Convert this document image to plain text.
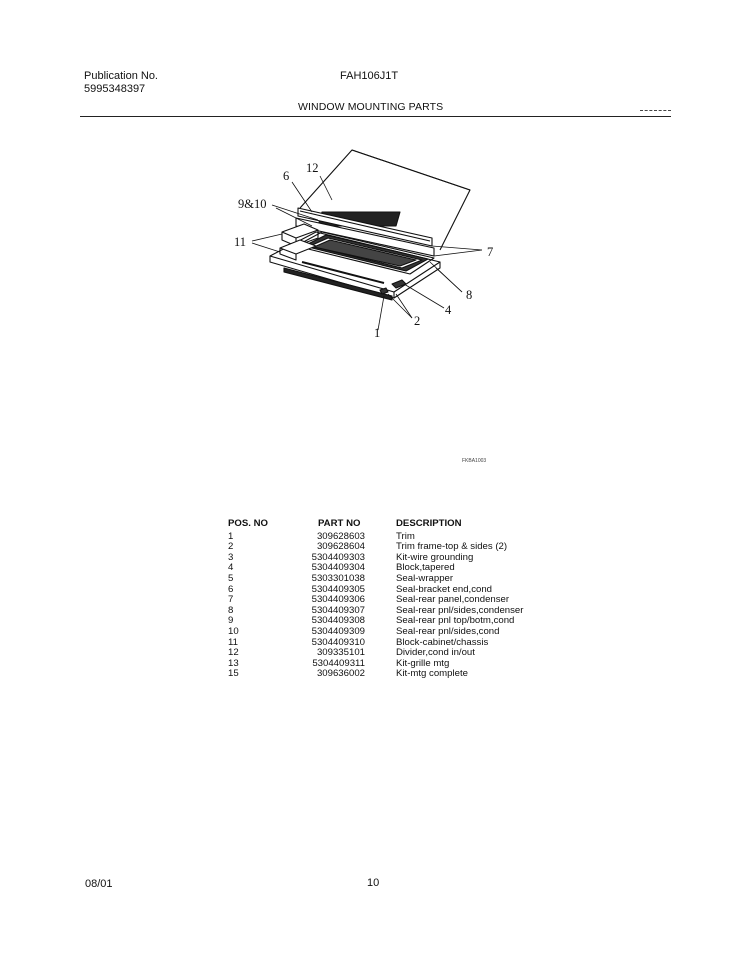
Publication No.
5995348397
FAH106J1T
WINDOW MOUNTING PARTS
12
6
9&10
11
7
8
4
2
1
FKBA1003
POS. NO	PART NO	DESCRIPTION
1	309628603	Trim
2	309628604	Trim frame-top & sides (2)
3	5304409303	Kit-wire grounding
4	5304409304	Block,tapered
5	5303301038	Seal-wrapper
6	5304409305	Seal-bracket end,cond
7	5304409306	Seal-rear panel,condenser
8	5304409307	Seal-rear pnl/sides,condenser
9	5304409308	Seal-rear pnl top/botm,cond
10	5304409309	Seal-rear pnl/sides,cond
11	5304409310	Block-cabinet/chassis
12	309335101	Divider,cond in/out
13	5304409311	Kit-grille mtg
15	309636002	Kit-mtg complete
08/01	10
